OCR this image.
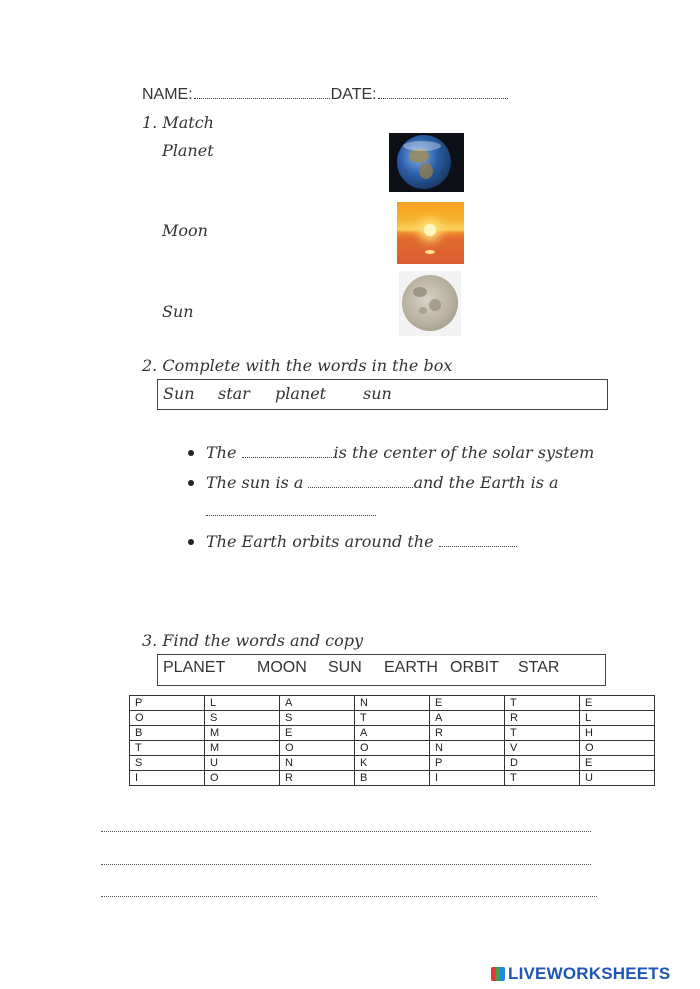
NAME:	DATE:
1. Match
Planet
Moon
Sun
2. Complete with the words in the box
Sun star planet sun
The	is the center of the solar system
The sun is a	and the Earth is a
The Earth orbits around the
3. Find the words and copy
PLANET MOON SUN EARTH ORBIT STAR
P	L	A	N	E	T	E
O	S	S	T	A	R	L
B	M	E	A	R	T	H
T	M	O	O	N	V	O
S	U	N	K	P	D	E
I	O	R	B	I	T	U
LIVEWORKSHEETS
